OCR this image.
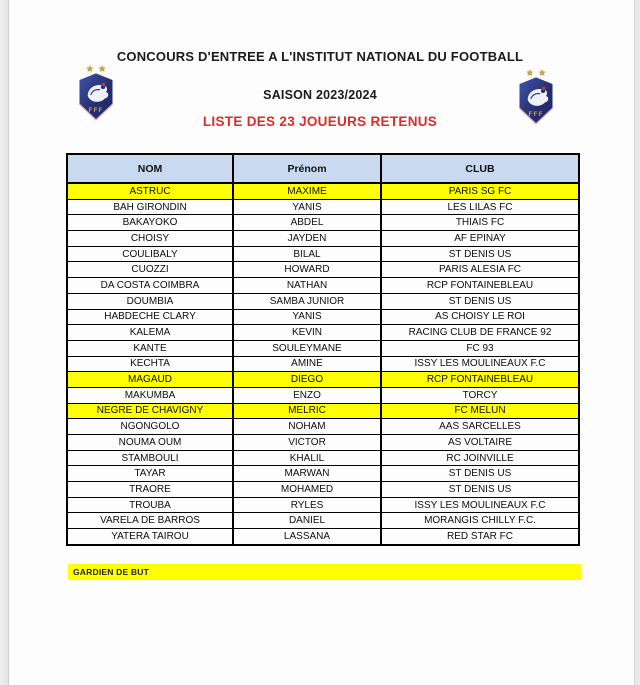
CONCOURS D'ENTREE A L'INSTITUT NATIONAL DU FOOTBALL
SAISON 2023/2024
LISTE DES 23 JOUEURS RETENUS
FFF
FFF
NOM	Prénom	CLUB
ASTRUC	MAXIME	PARIS SG FC
BAH GIRONDIN	YANIS	LES LILAS FC
BAKAYOKO	ABDEL	THIAIS FC
CHOISY	JAYDEN	AF EPINAY
COULIBALY	BILAL	ST DENIS US
CUOZZI	HOWARD	PARIS ALESIA FC
DA COSTA COIMBRA	NATHAN	RCP FONTAINEBLEAU
DOUMBIA	SAMBA JUNIOR	ST DENIS US
HABDECHE CLARY	YANIS	AS CHOISY LE ROI
KALEMA	KEVIN	RACING CLUB DE FRANCE 92
KANTE	SOULEYMANE	FC 93
KECHTA	AMINE	ISSY LES MOULINEAUX F.C
MAGAUD	DIEGO	RCP FONTAINEBLEAU
MAKUMBA	ENZO	TORCY
NEGRE DE CHAVIGNY	MELRIC	FC MELUN
NGONGOLO	NOHAM	AAS SARCELLES
NOUMA OUM	VICTOR	AS VOLTAIRE
STAMBOULI	KHALIL	RC JOINVILLE
TAYAR	MARWAN	ST DENIS US
TRAORE	MOHAMED	ST DENIS US
TROUBA	RYLES	ISSY LES MOULINEAUX F.C
VARELA DE BARROS	DANIEL	MORANGIS CHILLY F.C.
YATERA TAIROU	LASSANA	RED STAR FC
GARDIEN DE BUT
